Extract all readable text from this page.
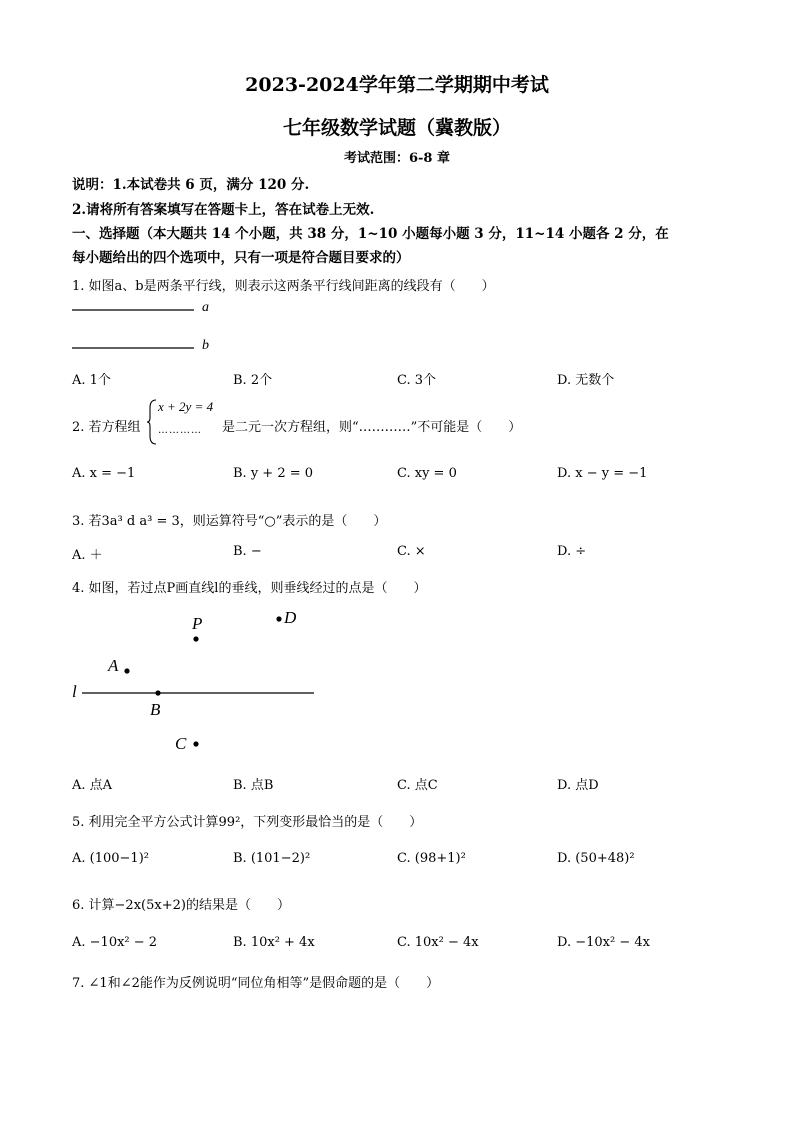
2023-2024学年第二学期期中考试
七年级数学试题（冀教版）
考试范围：6-8 章
说明：1.本试卷共 6 页，满分 120 分.
2.请将所有答案填写在答题卡上，答在试卷上无效.
一、选择题（本大题共 14 个小题，共 38 分，1~10 小题每小题 3 分，11~14 小题各 2 分，在
每小题给出的四个选项中，只有一项是符合题目要求的）
1. 如图a、b是两条平行线，则表示这两条平行线间距离的线段有（　　）
a
b
A. 1个	B. 2个	C. 3个	D. 无数个
2. 若方程组
x + 2y = 4
………… 是二元一次方程组，则“…………”不可能是（　　）
A. x = −1	B. y + 2 = 0	C. xy = 0	D. x − y = −1
3. 若3a³ d a³ = 3，则运算符号“○”表示的是（　　）
A. ＋	B. −	C. ×	D. ÷
4. 如图，若过点P画直线l的垂线，则垂线经过的点是（　　）
P	D
A
l
B
C
A. 点A	B. 点B	C. 点C	D. 点D
5. 利用完全平方公式计算99²，下列变形最恰当的是（　　）
A. (100−1)²	B. (101−2)²	C. (98+1)²	D. (50+48)²
6. 计算−2x(5x+2)的结果是（　　）
A. −10x² − 2	B. 10x² + 4x	C. 10x² − 4x	D. −10x² − 4x
7. ∠1和∠2能作为反例说明“同位角相等”是假命题的是（　　）
